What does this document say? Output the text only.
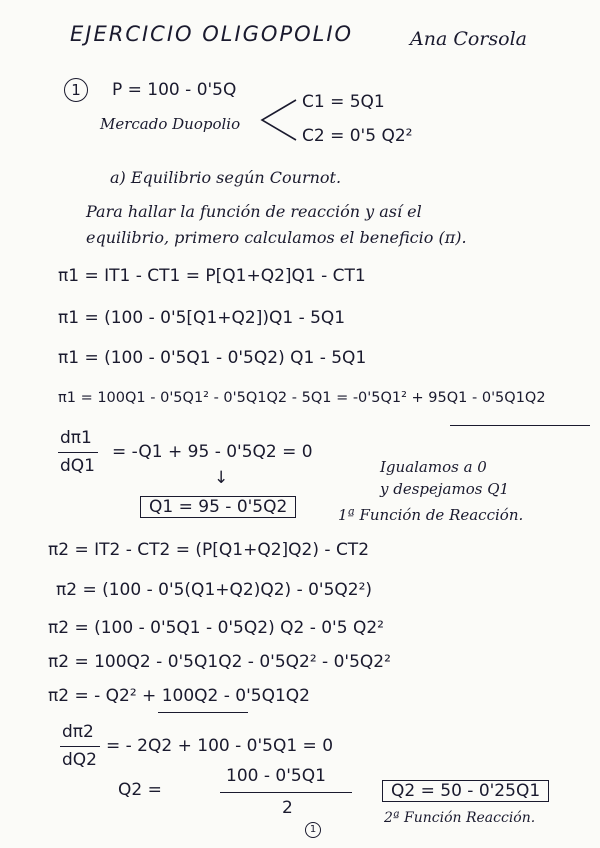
EJERCICIO OLIGOPOLIO	Ana Corsola
1	P = 100 - 0'5Q
Mercado Duopolio
C1 = 5Q1
C2 = 0'5 Q2²
a) Equilibrio según Cournot.
Para hallar la función de reacción y así el
equilibrio, primero calculamos el beneficio (π).
π1 = IT1 - CT1 = P[Q1+Q2]Q1 - CT1
π1 = (100 - 0'5[Q1+Q2])Q1 - 5Q1
π1 = (100 - 0'5Q1 - 0'5Q2) Q1 - 5Q1
π1 = 100Q1 - 0'5Q1² - 0'5Q1Q2 - 5Q1 = -0'5Q1² + 95Q1 - 0'5Q1Q2
dπ1
dQ1
= -Q1 + 95 - 0'5Q2 = 0
Igualamos a 0
y despejamos Q1
↓
Q1 = 95 - 0'5Q2	1ª Función de Reacción.
π2 = IT2 - CT2 = (P[Q1+Q2]Q2) - CT2
π2 = (100 - 0'5(Q1+Q2)Q2) - 0'5Q2²)
π2 = (100 - 0'5Q1 - 0'5Q2) Q2 - 0'5 Q2²
π2 = 100Q2 - 0'5Q1Q2 - 0'5Q2² - 0'5Q2²
π2 = - Q2² + 100Q2 - 0'5Q1Q2
dπ2
dQ2
= - 2Q2 + 100 - 0'5Q1 = 0
Q2 =
100 - 0'5Q1
2
Q2 = 50 - 0'25Q1
2ª Función Reacción.
1
